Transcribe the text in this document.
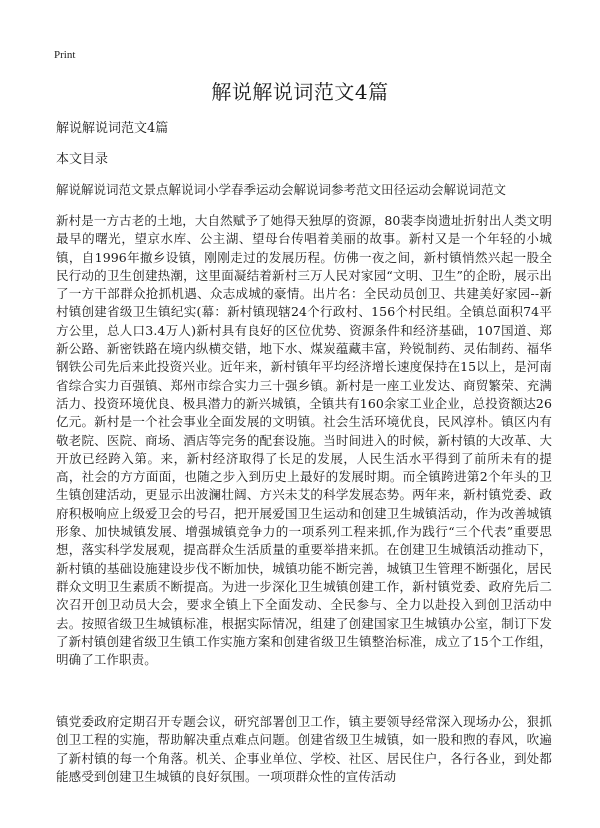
Print
解说解说词范文4篇

解说解说词范文4篇

本文目录

解说解说词范文景点解说词小学春季运动会解说词参考范文田径运动会解说词范文

新村是一方古老的土地，大自然赋予了她得天独厚的资源，80裴李岗遗址折射出人类文明最早的曙光，望京水库、公主湖、望母台传唱着美丽的故事。新村又是一个年轻的小城镇，自1996年撤乡设镇，刚刚走过的发展历程。仿佛一夜之间，新村镇悄然兴起一股全民行动的卫生创建热潮，这里面凝结着新村三万人民对家园“文明、卫生”的企盼，展示出了一方干部群众抢抓机遇、众志成城的豪情。出片名：全民动员创卫、共建美好家园--新村镇创建省级卫生镇纪实(幕：新村镇现辖24个行政村、156个村民组。全镇总面积74平方公里，总人口3.4万人)新村具有良好的区位优势、资源条件和经济基础，107国道、郑新公路、新密铁路在境内纵横交错，地下水、煤炭蕴藏丰富，羚锐制药、灵佑制药、福华钢铁公司先后来此投资兴业。近年来，新村镇年平均经济增长速度保持在15以上，是河南省综合实力百强镇、郑州市综合实力三十强乡镇。新村是一座工业发达、商贸繁荣、充满活力、投资环境优良、极具潜力的新兴城镇，全镇共有160余家工业企业，总投资额达26亿元。新村是一个社会事业全面发展的文明镇。社会生活环境优良，民风淳朴。镇区内有敬老院、医院、商场、酒店等完务的配套设施。当时间进入的时候，新村镇的大改革、大开放已经跨入第。来，新村经济取得了长足的发展，人民生活水平得到了前所未有的提高，社会的方方面面，也随之步入到历史上最好的发展时期。而全镇跨进第2个年头的卫生镇创建活动，更显示出波澜壮阔、方兴未艾的科学发展态势。两年来，新村镇党委、政府积极响应上级爱卫会的号召，把开展爱国卫生运动和创建卫生城镇活动，作为改善城镇形象、加快城镇发展、增强城镇竞争力的一项系列工程来抓,作为践行“三个代表”重要思想，落实科学发展观，提高群众生活质量的重要举措来抓。在创建卫生城镇活动推动下，新村镇的基础设施建设步伐不断加快，城镇功能不断完善，城镇卫生管理不断强化，居民群众文明卫生素质不断提高。为进一步深化卫生城镇创建工作，新村镇党委、政府先后二次召开创卫动员大会，要求全镇上下全面发动、全民参与、全力以赴投入到创卫活动中去。按照省级卫生城镇标准，根据实际情况，组建了创建国家卫生城镇办公室，制订下发了新村镇创建省级卫生镇工作实施方案和创建省级卫生镇整治标准，成立了15个工作组，明确了工作职责。

镇党委政府定期召开专题会议，研究部署创卫工作，镇主要领导经常深入现场办公，狠抓创卫工程的实施，帮助解决重点难点问题。创建省级卫生城镇，如一股和煦的春风，吹遍了新村镇的每一个角落。机关、企事业单位、学校、社区、居民住户，各行各业，到处都能感受到创建卫生城镇的良好氛围。一项项群众性的宣传活动
